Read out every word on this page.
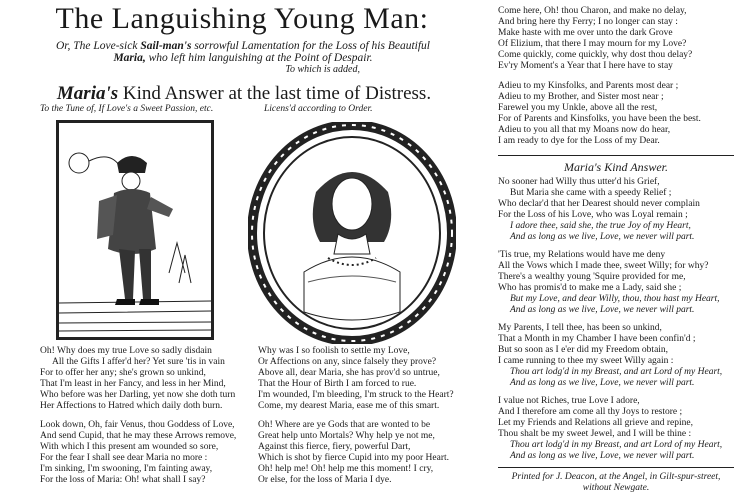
The Languishing Young Man:
Or, The Love-sick Sail-man's sorrowful Lamentation for the Loss of his Beautiful
Maria, who left him languishing at the Point of Despair.
To which is added,
Maria's Kind Answer at the last time of Distress.
To the Tune of, If Love's a Sweet Passion, etc.	Licens'd according to Order.

Oh! Why does my true Love so sadly disdain

All the Gifts I affer'd her? Yet sure 'tis in vain

For to offer her any; she's grown so unkind,

That I'm least in her Fancy, and less in her Mind,

Who before was her Darling, yet now she doth turn

Her Affections to Hatred which daily doth burn.

Look down, Oh, fair Venus, thou Goddess of Love,

And send Cupid, that he may these Arrows remove,

With which I this present am wounded so sore,

For the fear I shall see dear Maria no more :

I'm sinking, I'm swooning, I'm fainting away,

For the loss of Maria: Oh! what shall I say?

Why was I so foolish to settle my Love,

Or Affections on any, since falsely they prove?

Above all, dear Maria, she has prov'd so untrue,

That the Hour of Birth I am forced to rue.

I'm wounded, I'm bleeding, I'm struck to the Heart?

Come, my dearest Maria, ease me of this smart.

Oh! Where are ye Gods that are wonted to be

Great help unto Mortals? Why help ye not me,

Against this fierce, fiery, powerful Dart,

Which is shot by fierce Cupid into my poor Heart.

Oh! help me! Oh! help me this moment! I cry,

Or else, for the loss of Maria I dye.

Come here, Oh! thou Charon, and make no delay,

And bring here thy Ferry; I no longer can stay :

Make haste with me over unto the dark Grove

Of Elizium, that there I may mourn for my Love?

Come quickly, come quickly, why dost thou delay?

Ev'ry Moment's a Year that I here have to stay

Adieu to my Kinsfolks, and Parents most dear ;

Adieu to my Brother, and Sister most near ;

Farewel you my Unkle, above all the rest,

For of Parents and Kinsfolks, you have been the best.

Adieu to you all that my Moans now do hear,

I am ready to dye for the Loss of my Dear.

Maria's Kind Answer.

No sooner had Willy thus utter'd his Grief,

But Maria she came with a speedy Relief ;

Who declar'd that her Dearest should never complain

For the Loss of his Love, who was Loyal remain ;

I adore thee, said she, the true Joy of my Heart,

And as long as we live, Love, we never will part.

'Tis true, my Relations would have me deny

All the Vows which I made thee, sweet Willy; for why?

There's a wealthy young 'Squire provided for me,

Who has promis'd to make me a Lady, said she ;

But my Love, and dear Willy, thou, thou hast my Heart,

And as long as we live, Love, we never will part.

My Parents, I tell thee, has been so unkind,

That a Month in my Chamber I have been confin'd ;

But so soon as I e'er did my Freedom obtain,

I came running to thee my sweet Willy again :

Thou art lodg'd in my Breast, and art Lord of my Heart,

And as long as we live, Love, we never will part.

I value not Riches, true Love I adore,

And I therefore am come all thy Joys to restore ;

Let my Friends and Relations all grieve and repine,

Thou shalt be my sweet Jewel, and I will be thine :

Thou art lodg'd in my Breast, and art Lord of my Heart,

And as long as we live, Love, we never will part.

Printed for J. Deacon, at the Angel, in Gilt-spur-street,

without Newgate.
